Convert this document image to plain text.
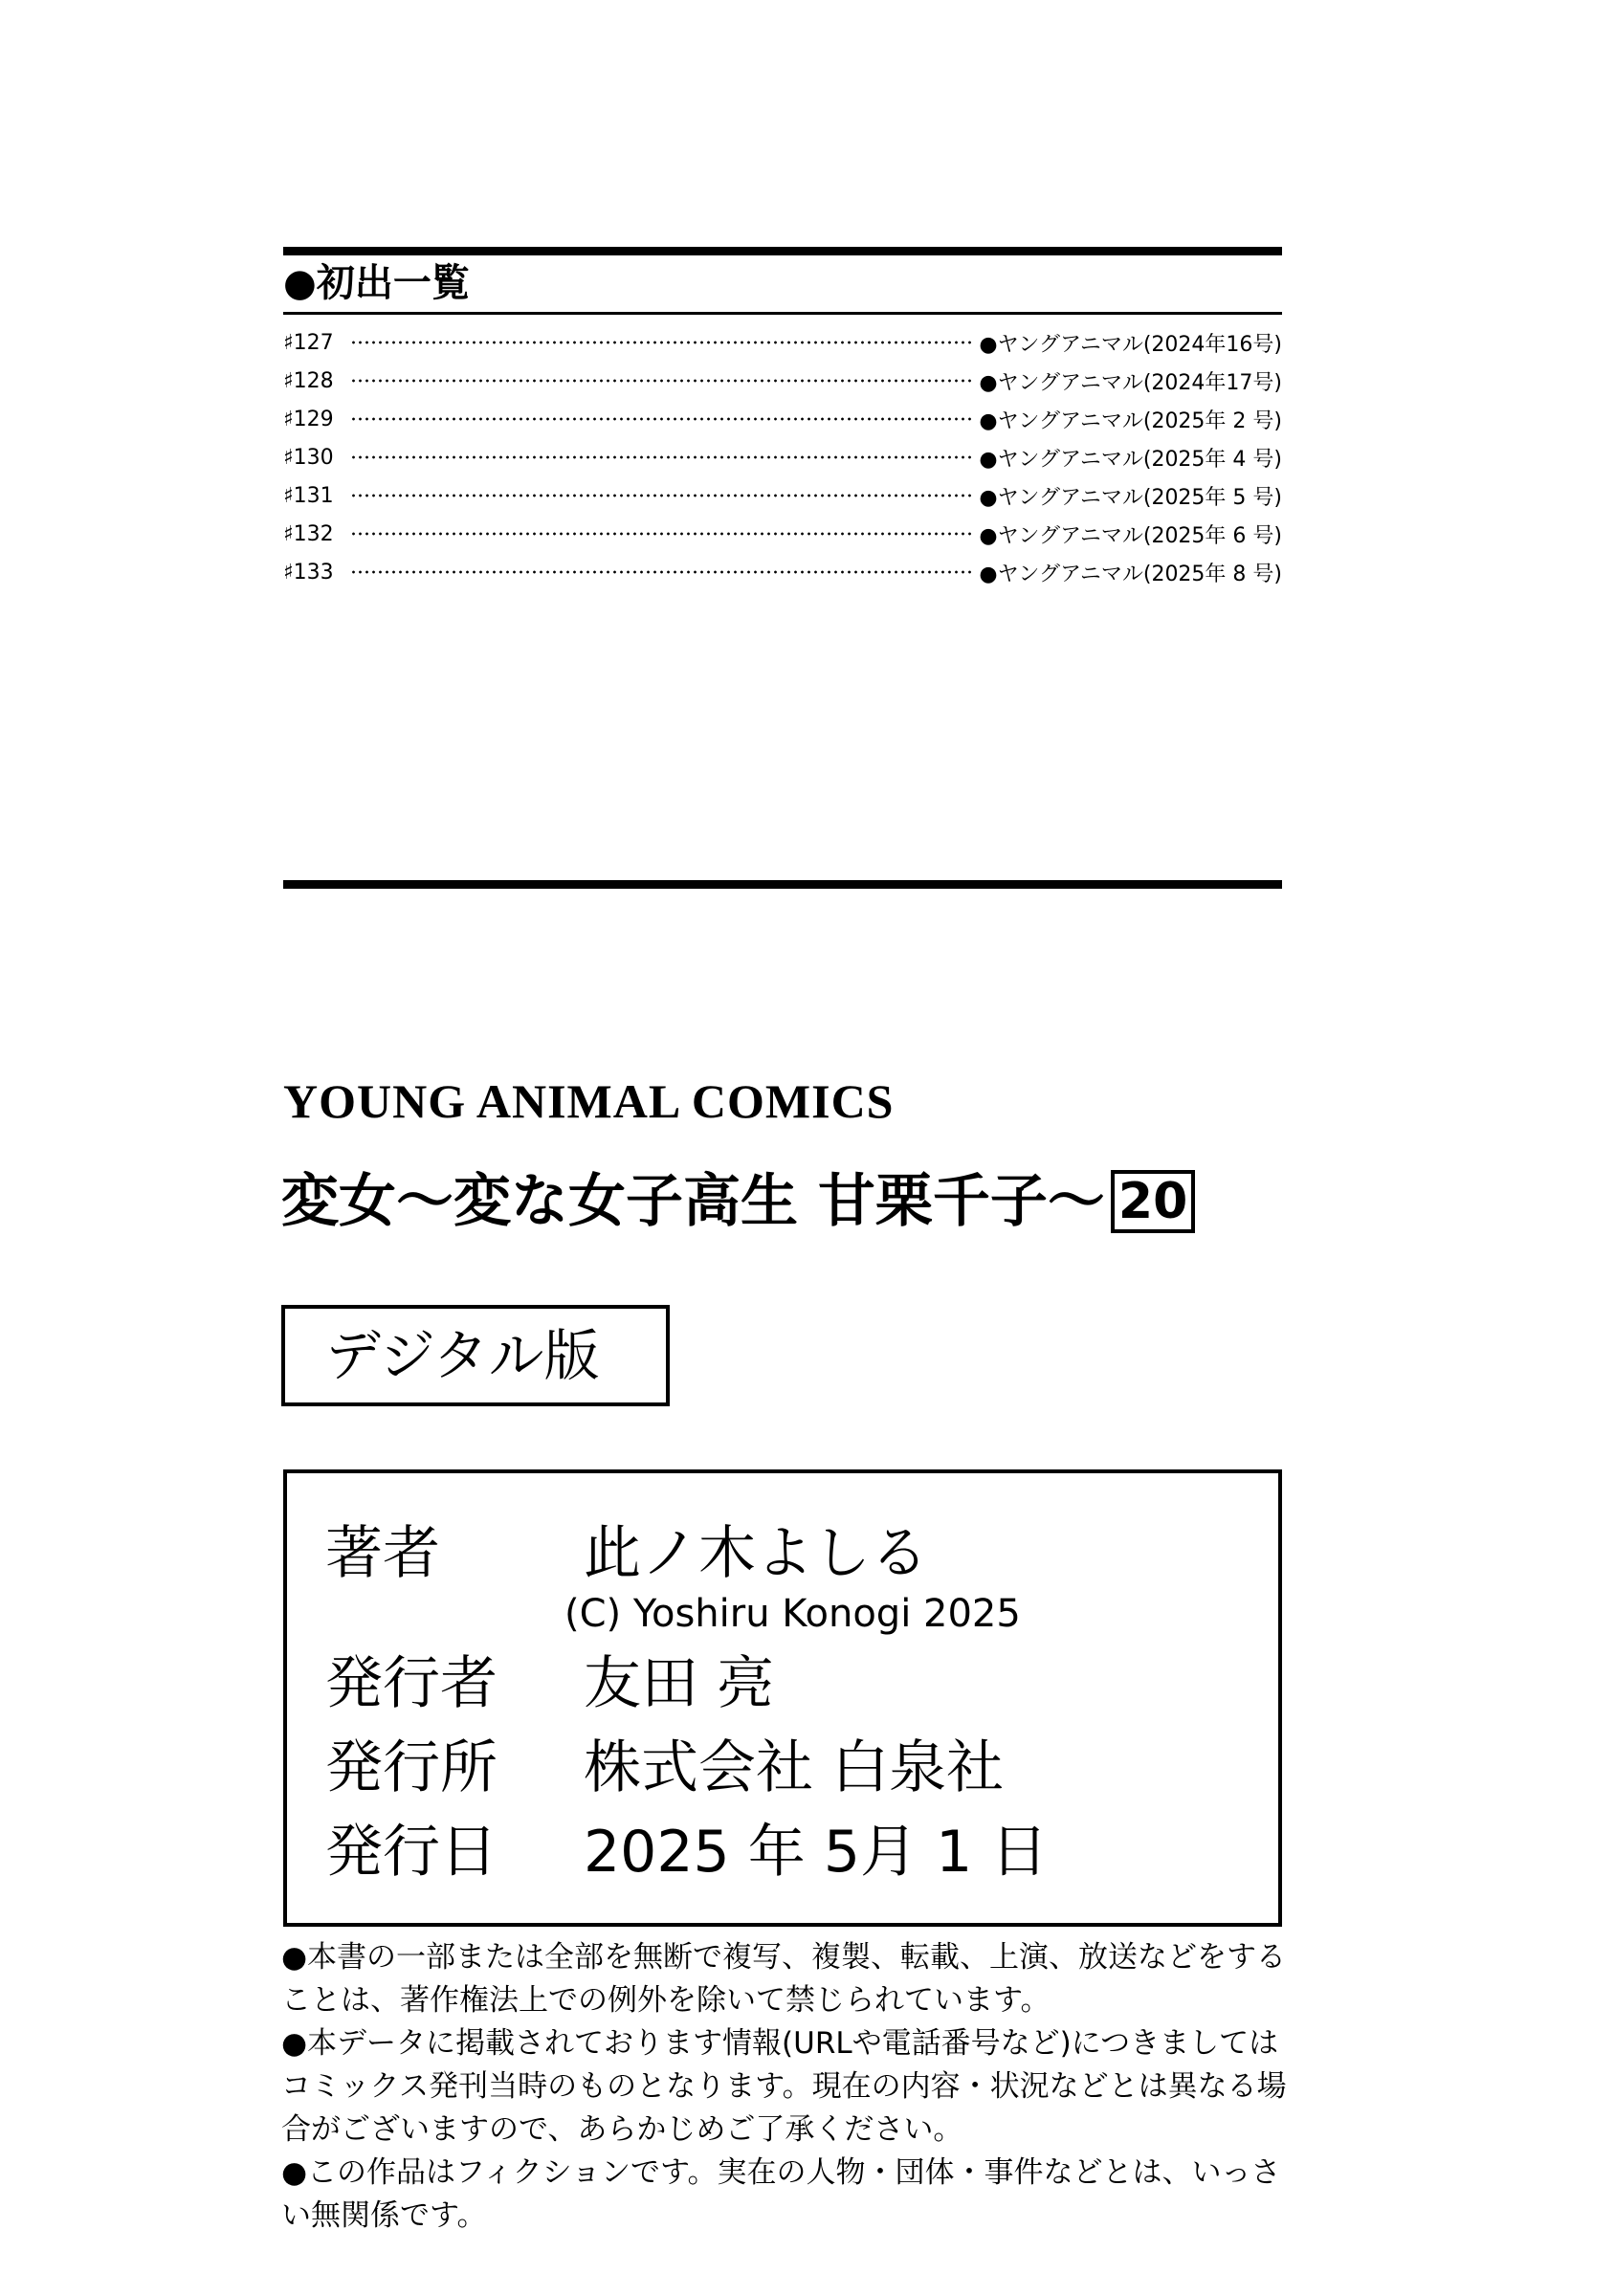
●初出一覧
♯127	●ヤングアニマル(2024年16号)
♯128	●ヤングアニマル(2024年17号)
♯129	●ヤングアニマル(2025年 2 号)
♯130	●ヤングアニマル(2025年 4 号)
♯131	●ヤングアニマル(2025年 5 号)
♯132	●ヤングアニマル(2025年 6 号)
♯133	●ヤングアニマル(2025年 8 号)
YOUNG ANIMAL COMICS
変女〜変な女子高生 甘栗千子〜 20
デジタル版
著者	此ノ木よしる
(C) Yoshiru Konogi 2025
発行者 友田 亮
発行所 株式会社 白泉社
発行日 2025 年 5月 1 日

●本書の一部または全部を無断で複写、複製、転載、上演、放送などをすることは、著作権法上での例外を除いて禁じられています。

●本データに掲載されております情報(URLや電話番号など)につきましてはコミックス発刊当時のものとなります。現在の内容・状況などとは異なる場合がございますので、あらかじめご了承ください。

●この作品はフィクションです。実在の人物・団体・事件などとは、いっさい無関係です。
